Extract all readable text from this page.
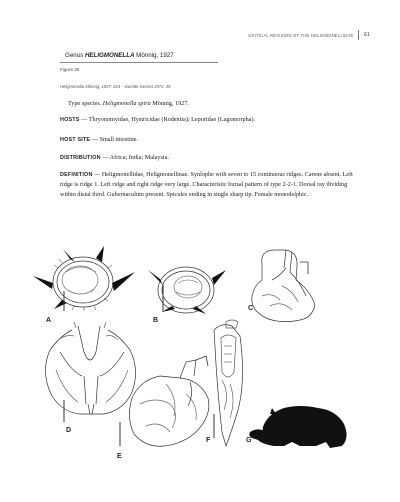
CRITICAL REVISION OF THE HELIGMONELLIDAE 61
Genus HELIGMONELLA Mönnig, 1927
Figure 25
Heligmonella Mönnig, 1927: 264 – Durette-Desset 1971: 49.
Type species. Heligmonella spira Mönnig, 1927.
HOSTS — Thryonomyidae, Hystricidae (Rodentia); Leporidae (Lagomorpha).
HOST SITE — Small intestine.
DISTRIBUTION — Africa; India; Malaysia.
DEFINITION — Heligmonellidae, Heligmonellinae. Synlophe with seven to 15 continuous ridges. Carene absent. Left ridge is ridge 1. Left ridge and right ridge very large. Characteristic bursal pattern of type 2-2-1. Dorsal ray dividing within distal third. Gubernaculum present. Spicules ending in single sharp tip. Female monodelphic.
A	B
C
D
E
F	G
